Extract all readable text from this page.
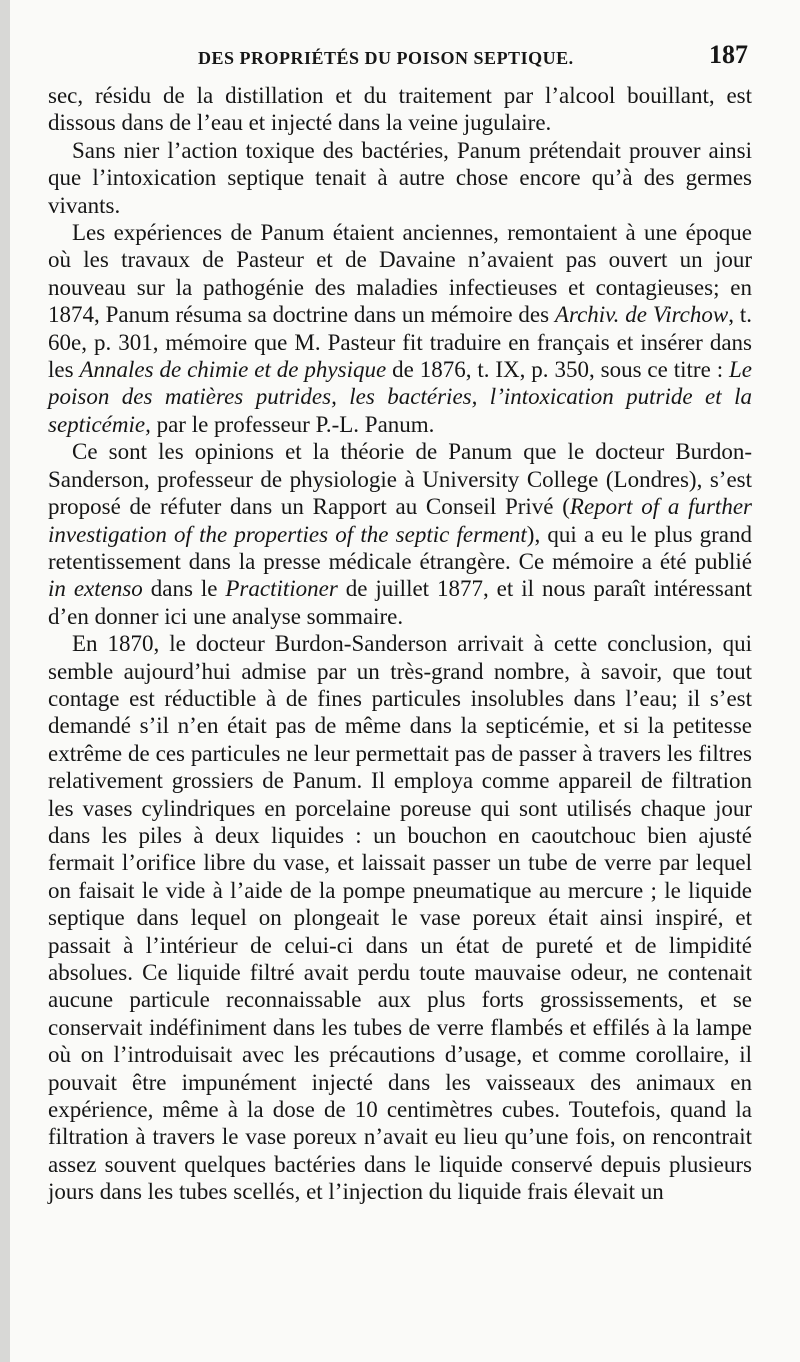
DES PROPRIÉTÉS DU POISON SEPTIQUE.	187

sec, résidu de la distillation et du traitement par l’alcool bouillant, est dissous dans de l’eau et injecté dans la veine jugulaire.

Sans nier l’action toxique des bactéries, Panum prétendait prouver ainsi que l’intoxication septique tenait à autre chose encore qu’à des germes vivants.

Les expériences de Panum étaient anciennes, remontaient à une époque où les travaux de Pasteur et de Davaine n’avaient pas ouvert un jour nouveau sur la pathogénie des maladies infectieuses et contagieuses; en 1874, Panum résuma sa doctrine dans un mémoire des Archiv. de Virchow, t. 60e, p. 301, mémoire que M. Pasteur fit traduire en français et insérer dans les Annales de chimie et de physique de 1876, t. IX, p. 350, sous ce titre : Le poison des matières putrides, les bactéries, l’intoxication putride et la septicémie, par le professeur P.-L. Panum.

Ce sont les opinions et la théorie de Panum que le docteur Burdon-Sanderson, professeur de physiologie à University College (Londres), s’est proposé de réfuter dans un Rapport au Conseil Privé (Report of a further investigation of the properties of the septic ferment), qui a eu le plus grand retentissement dans la presse médicale étrangère. Ce mémoire a été publié in extenso dans le Practitioner de juillet 1877, et il nous paraît intéressant d’en donner ici une analyse sommaire.

En 1870, le docteur Burdon-Sanderson arrivait à cette conclusion, qui semble aujourd’hui admise par un très-grand nombre, à savoir, que tout contage est réductible à de fines particules insolubles dans l’eau; il s’est demandé s’il n’en était pas de même dans la septicémie, et si la petitesse extrême de ces particules ne leur permettait pas de passer à travers les filtres relativement grossiers de Panum. Il employa comme appareil de filtration les vases cylindriques en porcelaine poreuse qui sont utilisés chaque jour dans les piles à deux liquides : un bouchon en caoutchouc bien ajusté fermait l’orifice libre du vase, et laissait passer un tube de verre par lequel on faisait le vide à l’aide de la pompe pneumatique au mercure ; le liquide septique dans lequel on plongeait le vase poreux était ainsi inspiré, et passait à l’intérieur de celui-ci dans un état de pureté et de limpidité absolues. Ce liquide filtré avait perdu toute mauvaise odeur, ne contenait aucune particule reconnaissable aux plus forts grossissements, et se conservait indéfiniment dans les tubes de verre flambés et effilés à la lampe où on l’introduisait avec les précautions d’usage, et comme corollaire, il pouvait être impunément injecté dans les vaisseaux des animaux en expérience, même à la dose de 10 centimètres cubes. Toutefois, quand la filtration à travers le vase poreux n’avait eu lieu qu’une fois, on rencontrait assez souvent quelques bactéries dans le liquide conservé depuis plusieurs jours dans les tubes scellés, et l’injection du liquide frais élevait un
